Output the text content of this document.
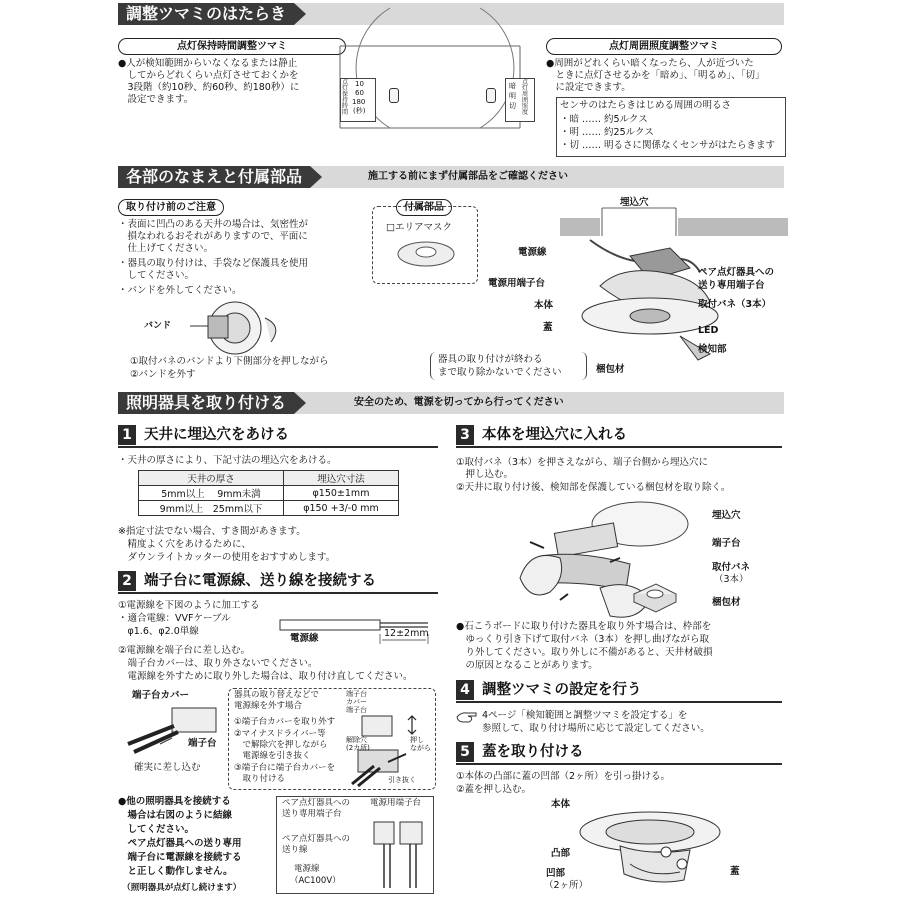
調整ツマミのはたらき
点灯保持時間調整ツマミ
●人が検知範囲からいなくなるまたは静止
　してからどれくらい点灯させておくかを
　3段階（約10秒、約60秒、約180秒）に
　設定できます。
10
60
180
(秒)
点灯保持時間
暗
明
切
点灯周囲照度
点灯周囲照度調整ツマミ
●周囲がどれくらい暗くなったら、人が近づいた
　ときに点灯させるかを「暗め」、「明るめ」、「切」
　に設定できます。
センサのはたらきはじめる周囲の明るさ
・暗 …… 約5ルクス
・明 …… 約25ルクス
・切 …… 明るさに関係なくセンサがはたらきます
各部のなまえと付属部品	施工する前にまず付属部品をご確認ください
取り付け前のご注意
・表面に凹凸のある天井の場合は、気密性が
　損なわれるおそれがありますので、平面に
　仕上げてください。
・器具の取り付けは、手袋など保護具を使用
　してください。
・バンドを外してください。
バンド
①取付バネのバンドより下側部分を押しながら
②バンドを外す
付属部品
□エリアマスク
埋込穴
電源線
電源用端子台
本体
蓋
ペア点灯器具への
送り専用端子台
取付バネ（3本）
LED
検知部
梱包材
器具の取り付けが終わる
まで取り除かないでください
照明器具を取り付ける	安全のため、電源を切ってから行ってください
1 天井に埋込穴をあける
・天井の厚さにより、下記寸法の埋込穴をあける。
天井の厚さ	埋込穴寸法
5mm以上　 9mm未満	φ150±1mm
9mm以上　25mm以下	φ150 +3/-0 mm
※指定寸法でない場合、すき間があきます。
　精度よく穴をあけるために、
　ダウンライトカッターの使用をおすすめします。
2 端子台に電源線、送り線を接続する
①電源線を下図のように加工する
・適合電線：VVFケーブル
　φ1.6、φ2.0単線
②電源線を端子台に差し込む。
　端子台カバーは、取り外さないでください。
　電源線を外すために取り外した場合は、取り付け直してください。
電源線	12±2mm
端子台カバー
端子台
確実に差し込む
器具の取り替えなどで
電源線を外す場合
①端子台カバーを取り外す
②マイナスドライバー等
　で解除穴を押しながら
　電源線を引き抜く
③端子台に端子台カバーを
　取り付ける
端子台
カバー
端子台
解除穴
(2カ所)
押し
ながら
引き抜く
●他の照明器具を接続する
　場合は右図のように結線
　してください。
　ペア点灯器具への送り専用
　端子台に電源線を接続する
　と正しく動作しません。
　（照明器具が点灯し続けます）
ペア点灯器具への
送り専用端子台
電源用端子台
ペア点灯器具への
送り線
電源線
（AC100V）
3 本体を埋込穴に入れる
①取付バネ（3本）を押さえながら、端子台側から埋込穴に
　押し込む。
②天井に取り付け後、検知部を保護している梱包材を取り除く。
埋込穴
端子台
取付バネ
（3本）
梱包材
●石こうボードに取り付けた器具を取り外す場合は、枠部を
　ゆっくり引き下げて取付バネ（3本）を押し曲げながら取
　り外してください。取り外しに不備があると、天井材破損
　の原因となることがあります。
4 調整ツマミの設定を行う
4ページ「検知範囲と調整ツマミを設定する」を
参照して、取り付け場所に応じて設定してください。
5 蓋を取り付ける
①本体の凸部に蓋の凹部（2ヶ所）を引っ掛ける。
②蓋を押し込む。
本体
凸部
凹部
（2ヶ所）
蓋
